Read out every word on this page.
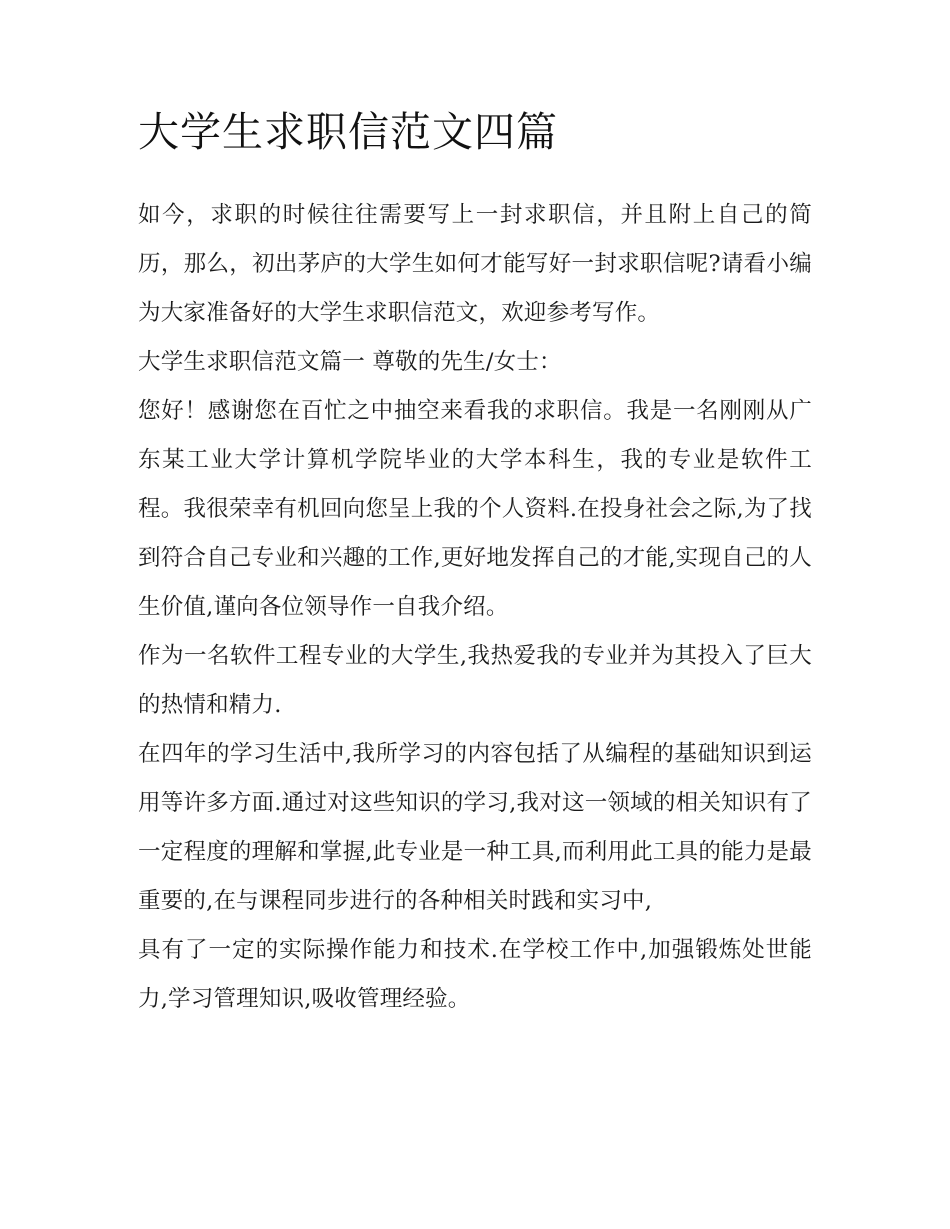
大学生求职信范文四篇

如今，求职的时候往往需要写上一封求职信，并且附上自己的简历，那么，初出茅庐的大学生如何才能写好一封求职信呢?请看小编为大家准备好的大学生求职信范文，欢迎参考写作。

大学生求职信范文篇一 尊敬的先生/女士：

您好！感谢您在百忙之中抽空来看我的求职信。我是一名刚刚从广东某工业大学计算机学院毕业的大学本科生，我的专业是软件工程。我很荣幸有机回向您呈上我的个人资料.在投身社会之际,为了找到符合自己专业和兴趣的工作,更好地发挥自己的才能,实现自己的人生价值,谨向各位领导作一自我介绍。

作为一名软件工程专业的大学生,我热爱我的专业并为其投入了巨大的热情和精力.

在四年的学习生活中,我所学习的内容包括了从编程的基础知识到运用等许多方面.通过对这些知识的学习,我对这一领域的相关知识有了一定程度的理解和掌握,此专业是一种工具,而利用此工具的能力是最重要的,在与课程同步进行的各种相关时践和实习中,

具有了一定的实际操作能力和技术.在学校工作中,加强锻炼处世能力,学习管理知识,吸收管理经验。
